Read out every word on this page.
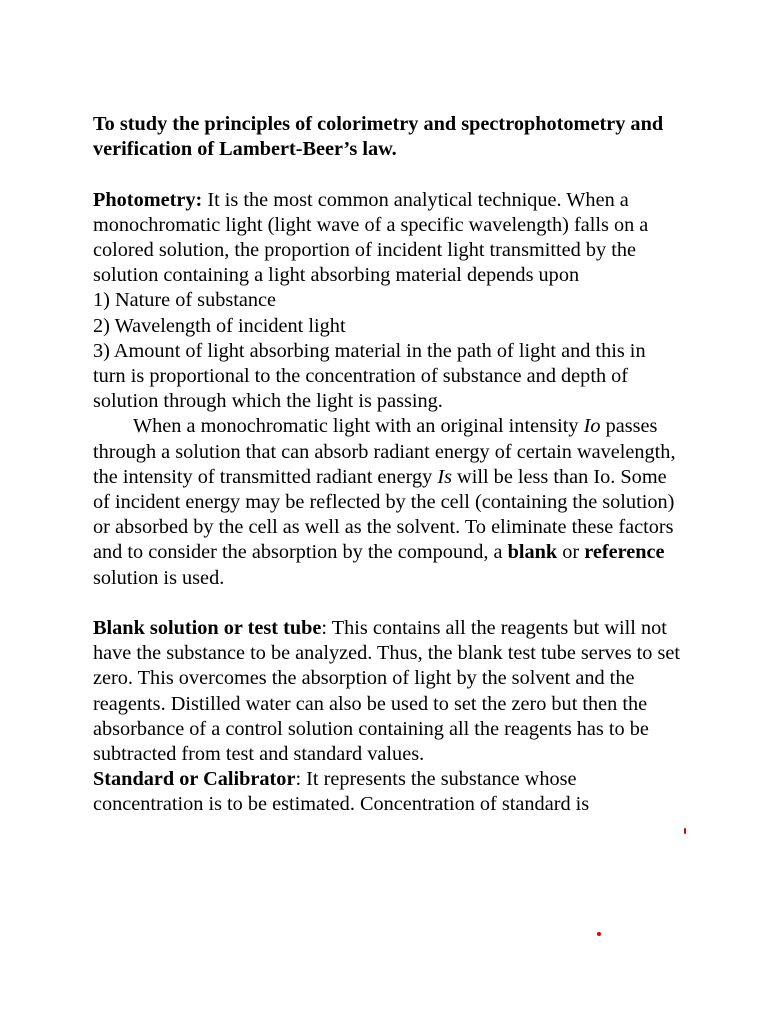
To study the principles of colorimetry and spectrophotometry and verification of Lambert-Beer’s law.

Photometry: It is the most common analytical technique. When a monochromatic light (light wave of a specific wavelength) falls on a colored solution, the proportion of incident light transmitted by the solution containing a light absorbing material depends upon

1) Nature of substance

2) Wavelength of incident light

3) Amount of light absorbing material in the path of light and this in turn is proportional to the concentration of substance and depth of solution through which the light is passing.

When a monochromatic light with an original intensity Io passes through a solution that can absorb radiant energy of certain wavelength, the intensity of transmitted radiant energy Is will be less than Io. Some of incident energy may be reflected by the cell (containing the solution) or absorbed by the cell as well as the solvent. To eliminate these factors and to consider the absorption by the compound, a blank or reference solution is used.

Blank solution or test tube: This contains all the reagents but will not have the substance to be analyzed. Thus, the blank test tube serves to set zero. This overcomes the absorption of light by the solvent and the reagents. Distilled water can also be used to set the zero but then the absorbance of a control solution containing all the reagents has to be subtracted from test and standard values.

Standard or Calibrator: It represents the substance whose concentration is to be estimated. Concentration of standard is
